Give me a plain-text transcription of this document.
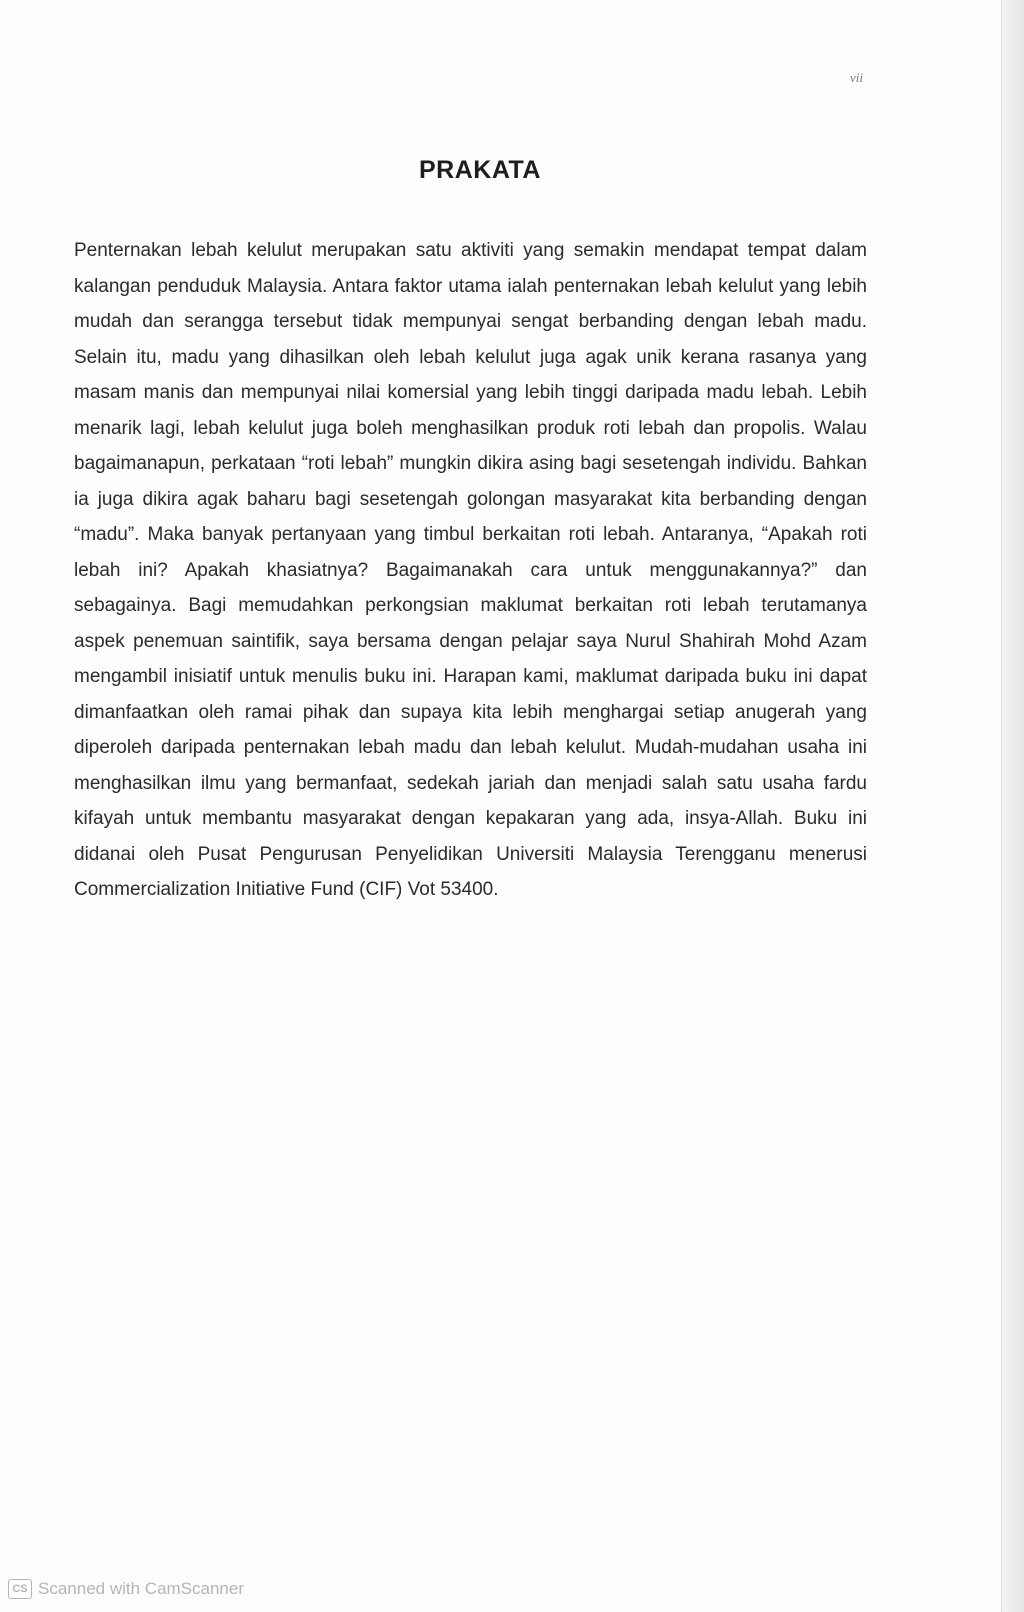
vii
PRAKATA

Penternakan lebah kelulut merupakan satu aktiviti yang semakin mendapat tempat dalam kalangan penduduk Malaysia. Antara faktor utama ialah penternakan lebah kelulut yang lebih mudah dan serangga tersebut tidak mempunyai sengat berbanding dengan lebah madu. Selain itu, madu yang dihasilkan oleh lebah kelulut juga agak unik kerana rasanya yang masam manis dan mempunyai nilai komersial yang lebih tinggi daripada madu lebah. Lebih menarik lagi, lebah kelulut juga boleh menghasilkan produk roti lebah dan propolis. Walau bagaimanapun, perkataan “roti lebah” mungkin dikira asing bagi sesetengah individu. Bahkan ia juga dikira agak baharu bagi sesetengah golongan masyarakat kita berbanding dengan “madu”. Maka banyak pertanyaan yang timbul berkaitan roti lebah. Antaranya, “Apakah roti lebah ini? Apakah khasiatnya? Bagaimanakah cara untuk menggunakannya?” dan sebagainya. Bagi memudahkan perkongsian maklumat berkaitan roti lebah terutamanya aspek penemuan saintifik, saya bersama dengan pelajar saya Nurul Shahirah Mohd Azam mengambil inisiatif untuk menulis buku ini. Harapan kami, maklumat daripada buku ini dapat dimanfaatkan oleh ramai pihak dan supaya kita lebih menghargai setiap anugerah yang diperoleh daripada penternakan lebah madu dan lebah kelulut. Mudah-mudahan usaha ini menghasilkan ilmu yang bermanfaat, sedekah jariah dan menjadi salah satu usaha fardu kifayah untuk membantu masyarakat dengan kepakaran yang ada, insya-Allah. Buku ini didanai oleh Pusat Pengurusan Penyelidikan Universiti Malaysia Terengganu menerusi Commercialization Initiative Fund (CIF) Vot 53400.

CS Scanned with CamScanner
